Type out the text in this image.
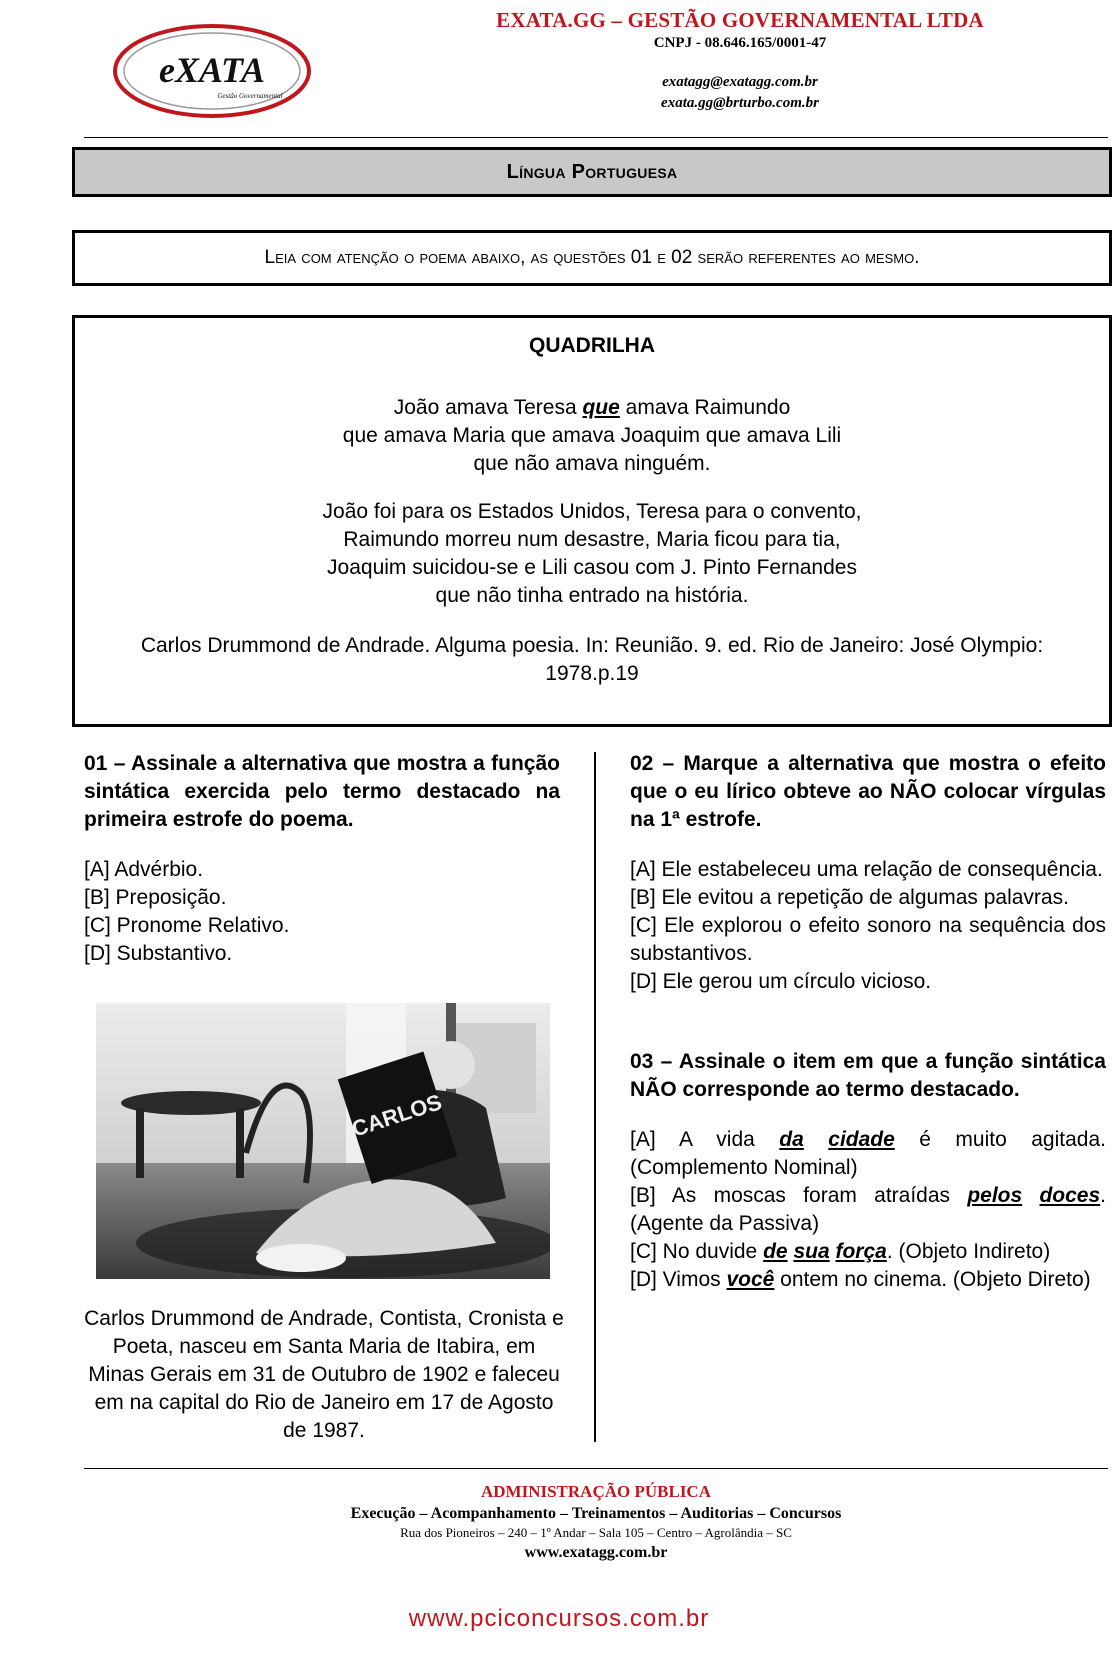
eXATA
Gestão Governamental
EXATA.GG – GESTÃO GOVERNAMENTAL LTDA
CNPJ - 08.646.165/0001-47
exatagg@exatagg.com.br
exata.gg@brturbo.com.br
Língua Portuguesa
Leia com atenção o poema abaixo, as questões 01 e 02 serão referentes ao mesmo.
QUADRILHA
João amava Teresa que amava Raimundo
que amava Maria que amava Joaquim que amava Lili
que não amava ninguém.
João foi para os Estados Unidos, Teresa para o convento,
Raimundo morreu num desastre, Maria ficou para tia,
Joaquim suicidou-se e Lili casou com J. Pinto Fernandes
que não tinha entrado na história.
Carlos Drummond de Andrade. Alguma poesia. In: Reunião. 9. ed. Rio de Janeiro: José Olympio: 1978.p.19
01 – Assinale a alternativa que mostra a função sintática exercida pelo termo destacado na primeira estrofe do poema.
[A] Advérbio.
[B] Preposição.
[C] Pronome Relativo.
[D] Substantivo.
CARLOS
Carlos Drummond de Andrade, Contista, Cronista e Poeta, nasceu em Santa Maria de Itabira, em Minas Gerais em 31 de Outubro de 1902 e faleceu em na capital do Rio de Janeiro em 17 de Agosto de 1987.
02 – Marque a alternativa que mostra o efeito que o eu lírico obteve ao NÃO colocar vírgulas na 1ª estrofe.
[A] Ele estabeleceu uma relação de consequência.
[B] Ele evitou a repetição de algumas palavras.
[C] Ele explorou o efeito sonoro na sequência dos substantivos.
[D] Ele gerou um círculo vicioso.
03 – Assinale o item em que a função sintática NÃO corresponde ao termo destacado.
[A] A vida da cidade é muito agitada. (Complemento Nominal)
[B] As moscas foram atraídas pelos doces. (Agente da Passiva)
[C] No duvide de sua força. (Objeto Indireto)
[D] Vimos você ontem no cinema. (Objeto Direto)
ADMINISTRAÇÃO PÚBLICA
Execução – Acompanhamento – Treinamentos – Auditorias – Concursos
Rua dos Pioneiros – 240 – 1º Andar – Sala 105 – Centro – Agrolândia – SC
www.exatagg.com.br
www.pciconcursos.com.br
